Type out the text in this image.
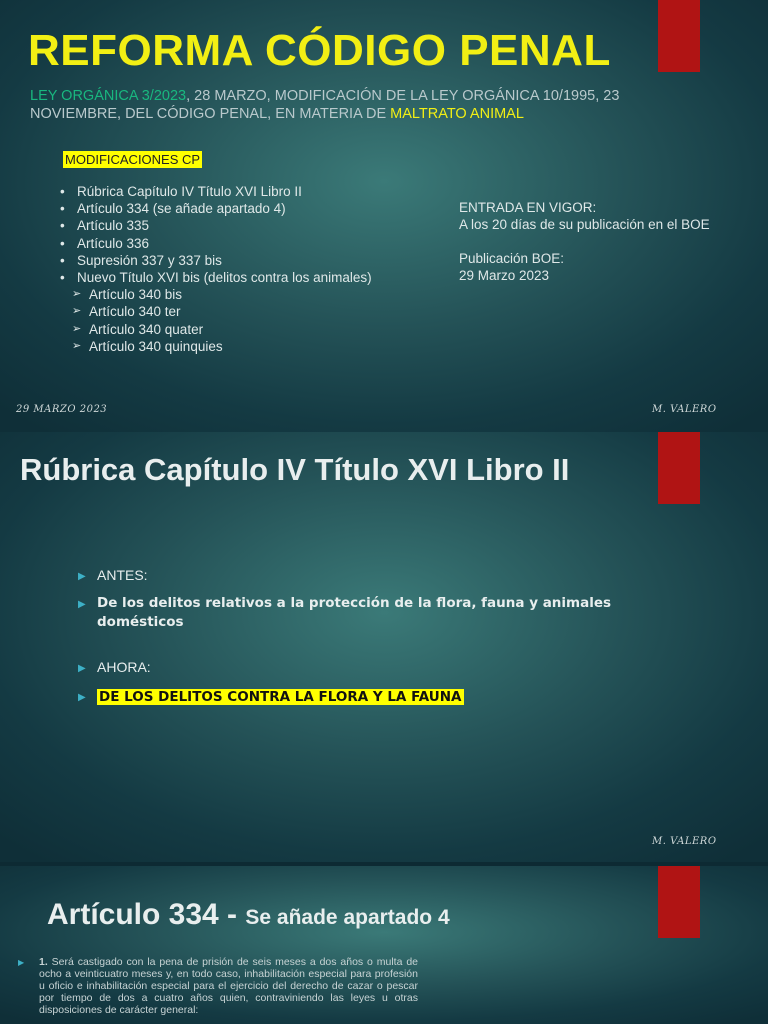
REFORMA CÓDIGO PENAL

LEY ORGÁNICA 3/2023, 28 MARZO, MODIFICACIÓN DE LA LEY ORGÁNICA 10/1995, 23 NOVIEMBRE, DEL CÓDIGO PENAL, EN MATERIA DE MALTRATO ANIMAL

MODIFICACIONES CP
• Rúbrica Capítulo IV Título XVI Libro II
• Artículo 334 (se añade apartado 4)
• Artículo 335
• Artículo 336
• Supresión 337 y 337 bis
• Nuevo Título XVI bis (delitos contra los animales)
➢ Artículo 340 bis
➢ Artículo 340 ter
➢ Artículo 340 quater
➢ Artículo 340 quinquies
ENTRADA EN VIGOR:
A los 20 días de su publicación en el BOE
Publicación BOE:
29 Marzo 2023
29 MARZO 2023	M. VALERO
Rúbrica Capítulo IV Título XVI Libro II
▶ ANTES:
▶ De los delitos relativos a la protección de la flora, fauna y animales domésticos
▶ AHORA:
▶ DE LOS DELITOS CONTRA LA FLORA Y LA FAUNA
M. VALERO
Artículo 334 - Se añade apartado 4
▶	1. Será castigado con la pena de prisión de seis meses a dos años o multa de ocho a veinticuatro meses y, en todo caso, inhabilitación especial para profesión u oficio e inhabilitación especial para el ejercicio del derecho de cazar o pescar por tiempo de dos a cuatro años quien, contraviniendo las leyes u otras disposiciones de carácter general:
